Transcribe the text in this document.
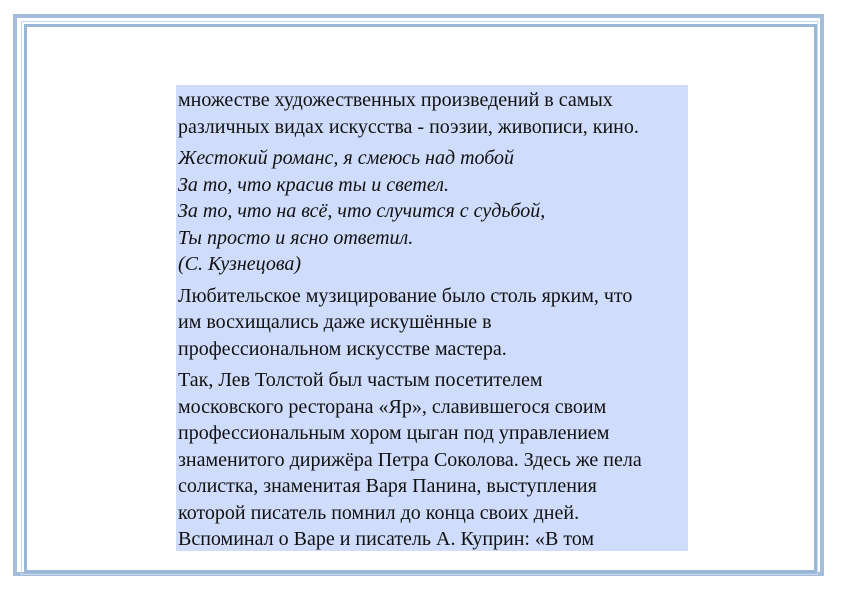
множестве художественных произведений в самых
различных видах искусства - поэзии, живописи, кино.

Жестокий романс, я смеюсь над тобой
За то, что красив ты и светел.
За то, что на всё, что случится с судьбой,
Ты просто и ясно ответил.
(С. Кузнецова)

Любительское музицирование было столь ярким, что
им восхищались даже искушённые в
профессиональном искусстве мастера.

Так, Лев Толстой был частым посетителем
московского ресторана «Яр», славившегося своим
профессиональным хором цыган под управлением
знаменитого дирижёра Петра Соколова. Здесь же пела
солистка, знаменитая Варя Панина, выступления
которой писатель помнил до конца своих дней.
Вспоминал о Варе и писатель А. Куприн: «В том
